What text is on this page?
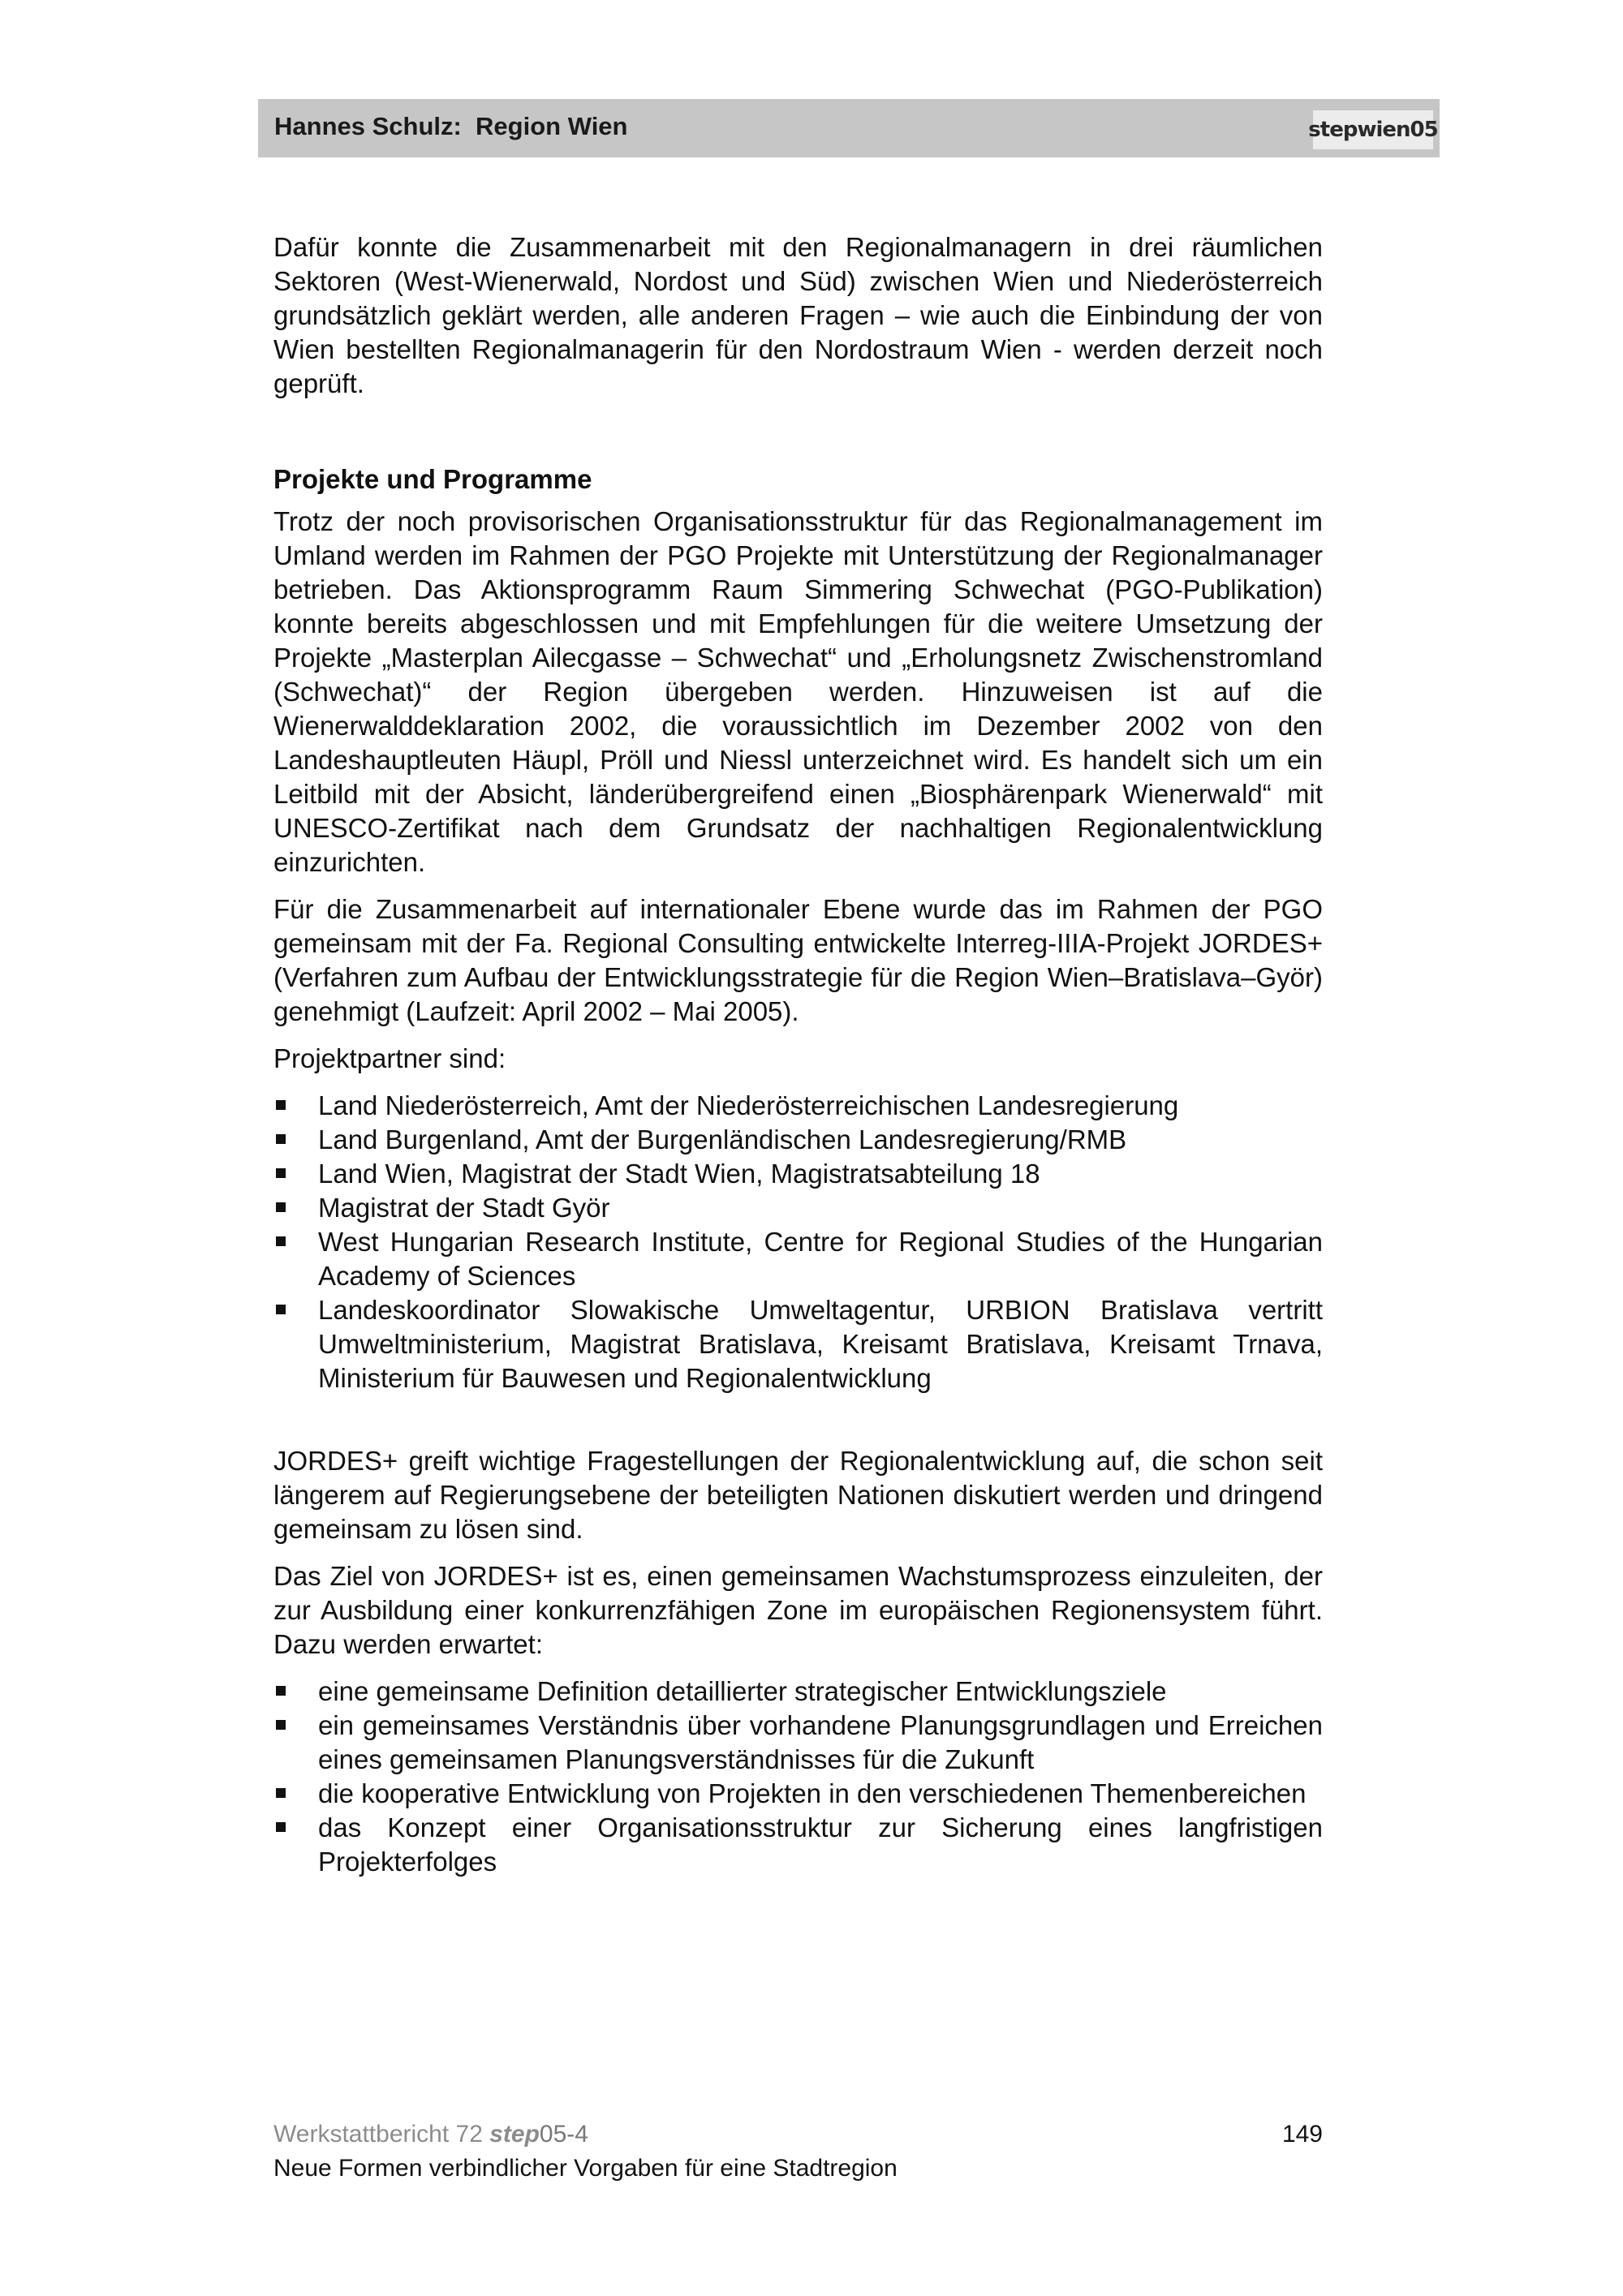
Hannes Schulz:  Region Wien	stepwien05

Dafür konnte die Zusammenarbeit mit den Regionalmanagern in drei räumlichen Sektoren (West-Wienerwald, Nordost und Süd) zwischen Wien und Niederösterreich grundsätzlich geklärt werden, alle anderen Fragen – wie auch die Einbindung der von Wien bestellten Regionalmanagerin für den Nordostraum Wien - werden derzeit noch geprüft.

Projekte und Programme

Trotz der noch provisorischen Organisationsstruktur für das Regionalmanagement im Umland werden im Rahmen der PGO Projekte mit Unterstützung der Regionalmanager betrieben. Das Aktionsprogramm Raum Simmering Schwechat (PGO-Publikation) konnte bereits abgeschlossen und mit Empfehlungen für die weitere Umsetzung der Projekte „Masterplan Ailecgasse – Schwechat“ und „Erholungsnetz Zwischenstromland (Schwechat)“ der Region übergeben werden. Hinzuweisen ist auf die Wienerwalddeklaration 2002, die voraussichtlich im Dezember 2002 von den Landeshauptleuten Häupl, Pröll und Niessl unterzeichnet wird. Es handelt sich um ein Leitbild mit der Absicht, länderübergreifend einen „Biosphärenpark Wienerwald“ mit UNESCO-Zertifikat nach dem Grundsatz der nachhaltigen Regionalentwicklung einzurichten.

Für die Zusammenarbeit auf internationaler Ebene wurde das im Rahmen der PGO gemeinsam mit der Fa. Regional Consulting entwickelte Interreg-IIIA-Projekt JORDES+ (Verfahren zum Aufbau der Entwicklungsstrategie für die Region Wien–Bratislava–Györ) genehmigt (Laufzeit: April 2002 – Mai 2005).

Projektpartner sind:

Land Niederösterreich, Amt der Niederösterreichischen Landesregierung
Land Burgenland, Amt der Burgenländischen Landesregierung/RMB
Land Wien, Magistrat der Stadt Wien, Magistratsabteilung 18
Magistrat der Stadt Györ
West Hungarian Research Institute, Centre for Regional Studies of the Hungarian Academy of Sciences
Landeskoordinator Slowakische Umweltagentur, URBION Bratislava vertritt Umweltministerium, Magistrat Bratislava, Kreisamt Bratislava, Kreisamt Trnava, Ministerium für Bauwesen und Regionalentwicklung

JORDES+ greift wichtige Fragestellungen der Regionalentwicklung auf, die schon seit längerem auf Regierungsebene der beteiligten Nationen diskutiert werden und dringend gemeinsam zu lösen sind.

Das Ziel von JORDES+ ist es, einen gemeinsamen Wachstumsprozess einzuleiten, der zur Ausbildung einer konkurrenzfähigen Zone im europäischen Regionensystem führt. Dazu werden erwartet:

eine gemeinsame Definition detaillierter strategischer Entwicklungsziele
ein gemeinsames Verständnis über vorhandene Planungsgrundlagen und Erreichen eines gemeinsamen Planungsverständnisses für die Zukunft
die kooperative Entwicklung von Projekten in den verschiedenen Themenbereichen
das Konzept einer Organisationsstruktur zur Sicherung eines langfristigen Projekterfolges
Werkstattbericht 72 step05-4	149
Neue Formen verbindlicher Vorgaben für eine Stadtregion
